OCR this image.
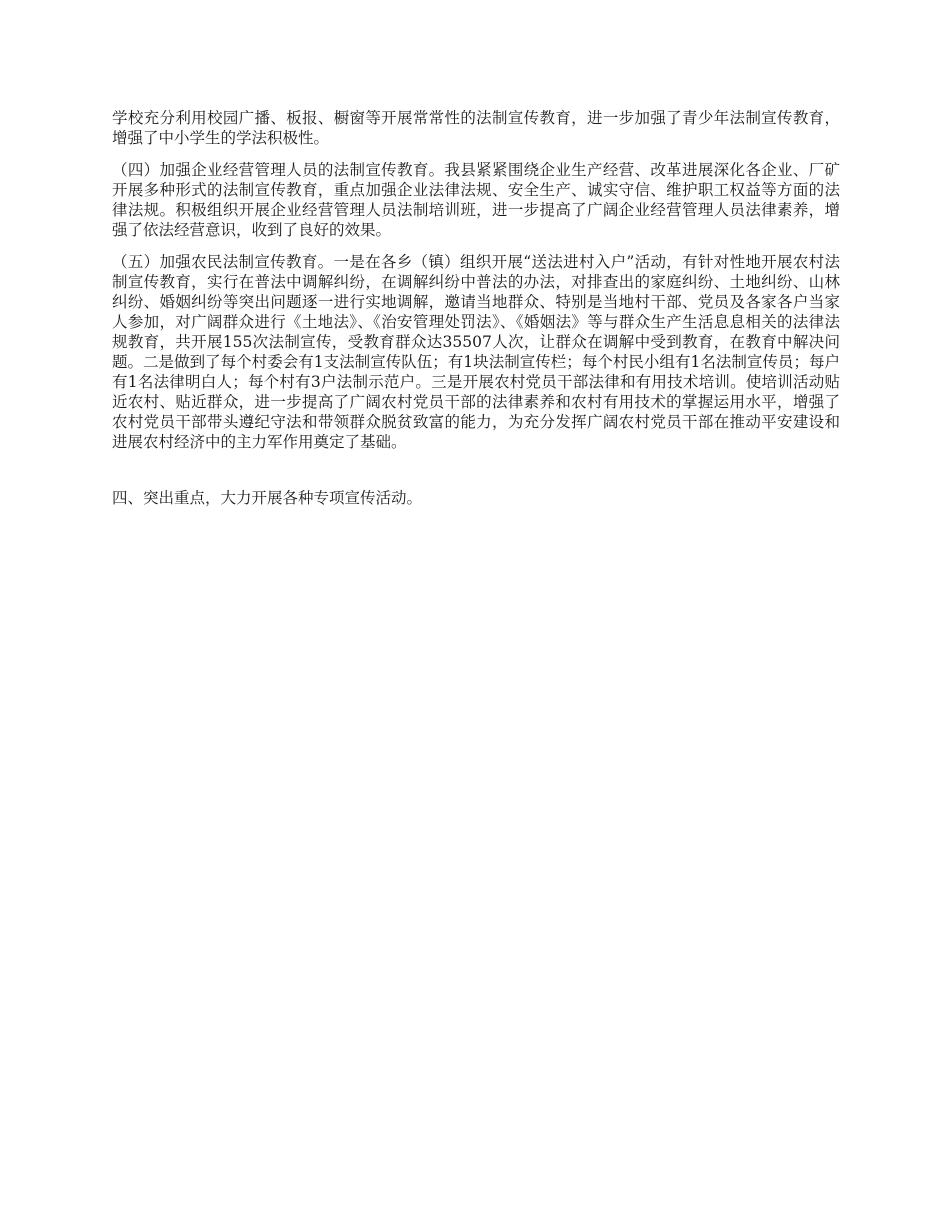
学校充分利用校园广播、板报、橱窗等开展常常性的法制宣传教育，进一步加强了青少年法制宣传教育，增强了中小学生的学法积极性。

（四）加强企业经营管理人员的法制宣传教育。我县紧紧围绕企业生产经营、改革进展深化各企业、厂矿开展多种形式的法制宣传教育，重点加强企业法律法规、安全生产、诚实守信、维护职工权益等方面的法律法规。积极组织开展企业经营管理人员法制培训班，进一步提高了广阔企业经营管理人员法律素养，增强了依法经营意识，收到了良好的效果。

（五）加强农民法制宣传教育。一是在各乡（镇）组织开展“送法进村入户”活动，有针对性地开展农村法制宣传教育，实行在普法中调解纠纷，在调解纠纷中普法的办法，对排查出的家庭纠纷、土地纠纷、山林纠纷、婚姻纠纷等突出问题逐一进行实地调解，邀请当地群众、特别是当地村干部、党员及各家各户当家人参加，对广阔群众进行《土地法》、《治安管理处罚法》、《婚姻法》等与群众生产生活息息相关的法律法规教育，共开展155次法制宣传，受教育群众达35507人次，让群众在调解中受到教育，在教育中解决问题。二是做到了每个村委会有1支法制宣传队伍；有1块法制宣传栏；每个村民小组有1名法制宣传员；每户有1名法律明白人；每个村有3户法制示范户。三是开展农村党员干部法律和有用技术培训。使培训活动贴近农村、贴近群众，进一步提高了广阔农村党员干部的法律素养和农村有用技术的掌握运用水平，增强了农村党员干部带头遵纪守法和带领群众脱贫致富的能力，为充分发挥广阔农村党员干部在推动平安建设和进展农村经济中的主力军作用奠定了基础。

四、突出重点，大力开展各种专项宣传活动。
